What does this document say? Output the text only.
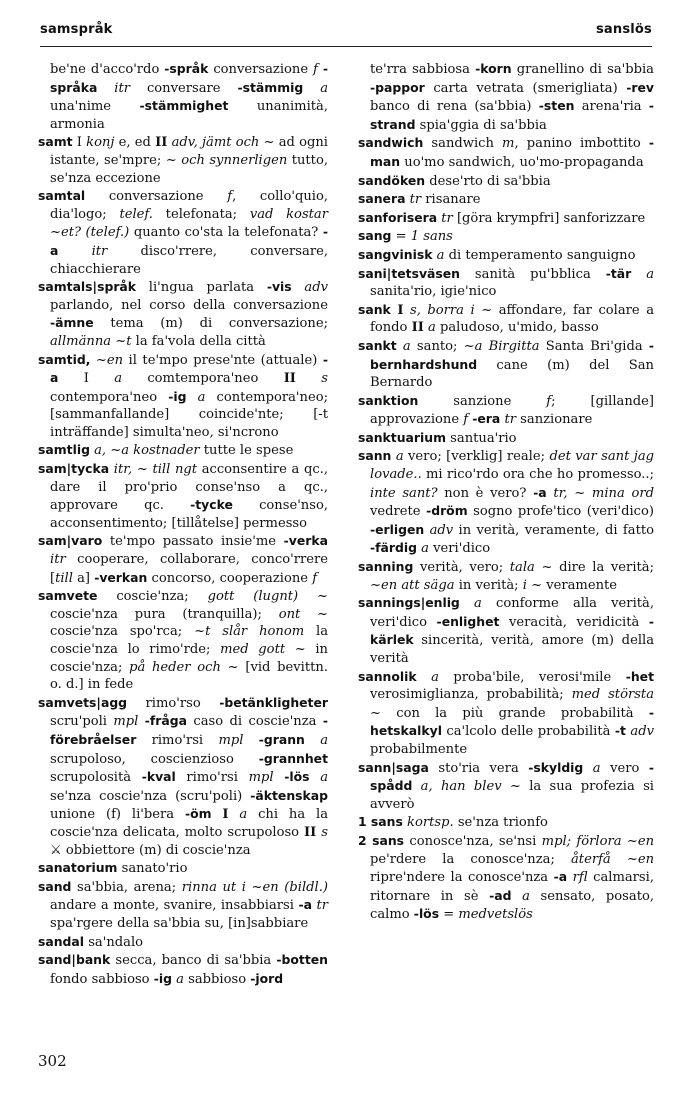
samspråk	sanslös

be'ne d'acco'rdo -språk conversazione f -språka itr conversare -stämmig a una'nime -stämmighet unanimità, armonia

samt I konj e, ed II adv, jämt och ~ ad ogni istante, se'mpre; ~ och synnerligen tutto, se'nza eccezione

samtal conversazione f, collo'quio, dia'logo; telef. telefonata; vad kostar ~et? (telef.) quanto co'sta la telefonata? -a	itr disco'rrere, conversare, chiacchierare

samtals|språk li'ngua parlata -vis adv parlando, nel corso della conversazione -ämne tema (m) di conversazione; allmänna ~t la fa'vola della città

samtid, ~en il te'mpo prese'nte (attuale) -a I a comtempora'neo II s contempora'neo -ig a contempora'neo; [sammanfallande] coincide'nte; [-t inträffande] simulta'neo, si'ncrono

samtlig a, ~a kostnader tutte le spese

sam|tycka itr, ~ till ngt acconsentire a qc., dare il pro'prio conse'nso a qc., approvare qc. -tycke conse'nso, acconsentimento; [tillåtelse] permesso

sam|varo te'mpo passato insie'me -verka itr cooperare, collaborare, conco'rrere [till a] -verkan concorso, cooperazione f

samvete coscie'nza; gott (lugnt) ~ coscie'nza pura (tranquilla); ont ~ coscie'nza spo'rca; ~t slår honom la coscie'nza lo rimo'rde; med gott ~ in coscie'nza; på heder och ~ [vid bevittn. o. d.] in fede

samvets|agg rimo'rso -betänkligheter scru'poli mpl -fråga caso di coscie'nza -förebråelser rimo'rsi mpl -grann a scrupoloso, coscienzioso -grannhet scrupolosità -kval rimo'rsi mpl -lös a se'nza coscie'nza (scru'poli) -äktenskap unione (f) li'bera -öm I a chi ha la coscie'nza delicata, molto scrupoloso II s ⚔ obbiettore (m) di coscie'nza

sanatorium sanato'rio

sand sa'bbia, arena; rinna ut i ~en (bildl.) andare a monte, svanire, insabbiarsi -a tr spa'rgere della sa'bbia su, [in]sabbiare

sandal sa'ndalo

sand|bank secca, banco di sa'bbia -botten fondo sabbioso -ig a sabbioso -jord

te'rra sabbiosa -korn granellino di sa'bbia -pappor carta vetrata (smerigliata) -rev banco di rena (sa'bbia) -sten arena'ria -strand spia'ggia di sa'bbia

sandwich sandwich m, panino imbottito -man uo'mo sandwich, uo'mo-propaganda

sandöken dese'rto di sa'bbia

sanera tr risanare

sanforisera tr [göra krympfri] sanforizzare

sang = 1 sans

sangvinisk a di temperamento sanguigno

sani|tetsväsen sanità pu'bblica -tär a sanita'rio, igie'nico

sank I s, borra i ~ affondare, far colare a fondo II a paludoso, u'mido, basso

sankt a santo; ~a Birgitta Santa Bri'gida -bernhardshund cane (m) del San Bernardo

sanktion sanzione f; [gillande] approvazione f -era tr sanzionare

sanktuarium santua'rio

sann a vero; [verklig] reale; det var sant jag lovade.. mi rico'rdo ora che ho promesso..; inte sant? non è vero? -a tr, ~ mina ord vedrete -dröm sogno profe'tico (veri'dico) -erligen adv in verità, veramente, di fatto -färdig a veri'dico

sanning verità, vero; tala ~ dire la verità; ~en att säga in verità; i ~ veramente

sannings|enlig a conforme alla verità, veri'dico -enlighet veracità, veridicità -kärlek sincerità, verità, amore (m) della verità

sannolik a proba'bile, verosi'mile -het verosimiglianza, probabilità; med största ~ con la più grande probabilità -hetskalkyl ca'lcolo delle probabilità -t adv probabilmente

sann|saga sto'ria vera -skyldig a vero -spådd a, han blev ~ la sua profezia si avverò

1 sans kortsp. se'nza trionfo

2 sans conosce'nza, se'nsi mpl; förlora ~en pe'rdere la conosce'nza; återfå ~en ripre'ndere la conosce'nza -a rfl calmarsi, ritornare in sè -ad a sensato, posato, calmo -lös = medvetslös

302
